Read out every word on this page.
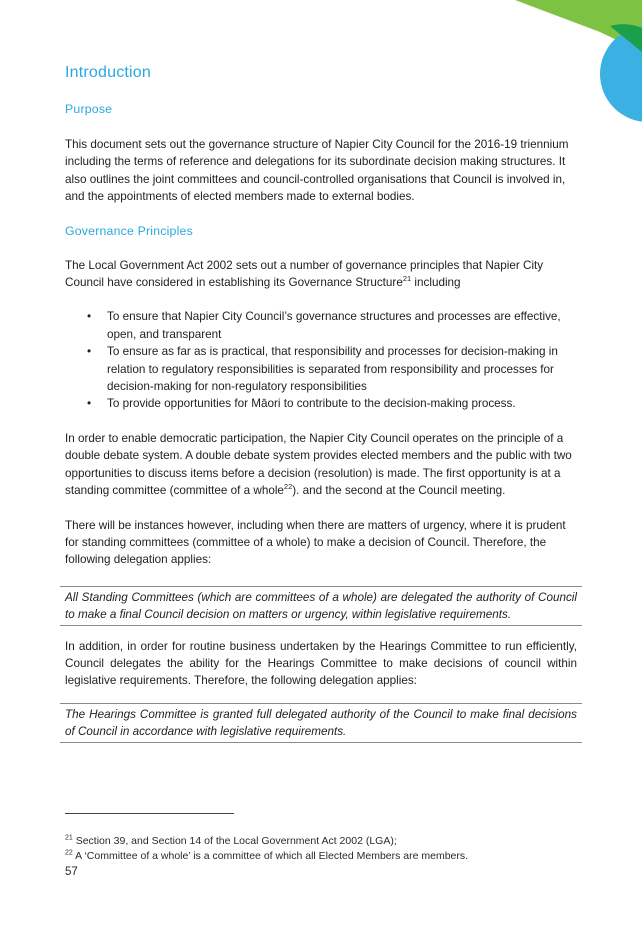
Introduction
Purpose

This document sets out the governance structure of Napier City Council for the 2016-19 triennium including the terms of reference and delegations for its subordinate decision making structures. It also outlines the joint committees and council-controlled organisations that Council is involved in, and the appointments of elected members made to external bodies.

Governance Principles

The Local Government Act 2002 sets out a number of governance principles that Napier City Council have considered in establishing its Governance Structure$^{21}$ including

• To ensure that Napier City Council’s governance structures and processes are effective, open, and transparent
• To ensure as far as is practical, that responsibility and processes for decision-making in relation to regulatory responsibilities is separated from responsibility and processes for decision-making for non-regulatory responsibilities
• To provide opportunities for Māori to contribute to the decision-making process.

In order to enable democratic participation, the Napier City Council operates on the principle of a double debate system. A double debate system provides elected members and the public with two opportunities to discuss items before a decision (resolution) is made. The first opportunity is at a standing committee (committee of a whole$^{22}$). and the second at the Council meeting.

There will be instances however, including when there are matters of urgency, where it is prudent for standing committees (committee of a whole) to make a decision of Council. Therefore, the following delegation applies:

All Standing Committees (which are committees of a whole) are delegated the authority of Council to make a final Council decision on matters or urgency, within legislative requirements.

In addition, in order for routine business undertaken by the Hearings Committee to run efficiently, Council delegates the ability for the Hearings Committee to make decisions of council within legislative requirements. Therefore, the following delegation applies:

The Hearings Committee is granted full delegated authority of the Council to make final decisions of Council in accordance with legislative requirements.

$^{21}$ Section 39, and Section 14 of the Local Government Act 2002 (LGA);

$^{22}$ A ‘Committee of a whole’ is a committee of which all Elected Members are members.

57
